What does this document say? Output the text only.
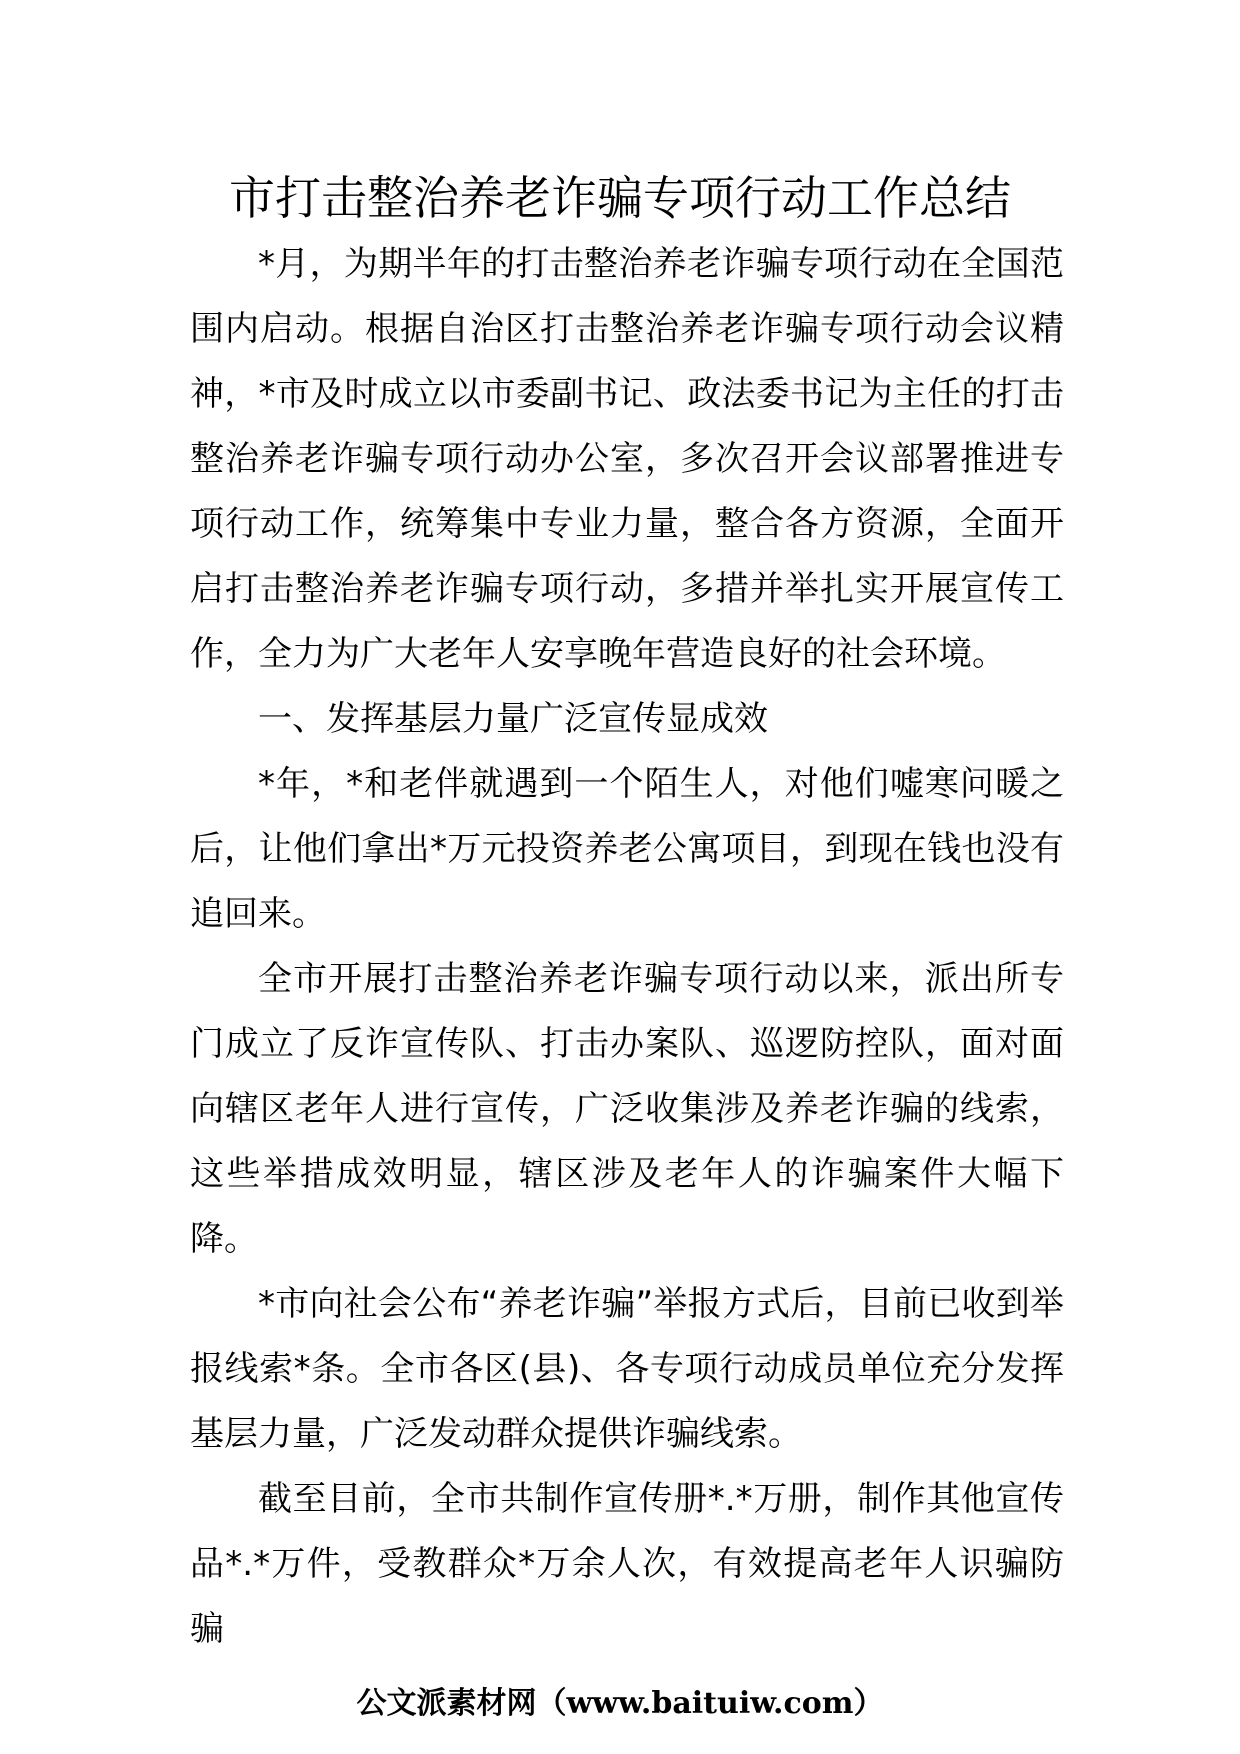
市打击整治养老诈骗专项行动工作总结

*月，为期半年的打击整治养老诈骗专项行动在全国范围内启动。根据自治区打击整治养老诈骗专项行动会议精神，*市及时成立以市委副书记、政法委书记为主任的打击整治养老诈骗专项行动办公室，多次召开会议部署推进专项行动工作，统筹集中专业力量，整合各方资源，全面开启打击整治养老诈骗专项行动，多措并举扎实开展宣传工作，全力为广大老年人安享晚年营造良好的社会环境。

一、发挥基层力量广泛宣传显成效

*年，*和老伴就遇到一个陌生人，对他们嘘寒问暖之后，让他们拿出*万元投资养老公寓项目，到现在钱也没有追回来。

全市开展打击整治养老诈骗专项行动以来，派出所专门成立了反诈宣传队、打击办案队、巡逻防控队，面对面向辖区老年人进行宣传，广泛收集涉及养老诈骗的线索，这些举措成效明显，辖区涉及老年人的诈骗案件大幅下降。

*市向社会公布“养老诈骗”举报方式后，目前已收到举报线索*条。全市各区(县)、各专项行动成员单位充分发挥基层力量，广泛发动群众提供诈骗线索。

截至目前，全市共制作宣传册*.*万册，制作其他宣传品*.*万件，受教群众*万余人次，有效提高老年人识骗防骗

公文派素材网（www.baituiw.com）
